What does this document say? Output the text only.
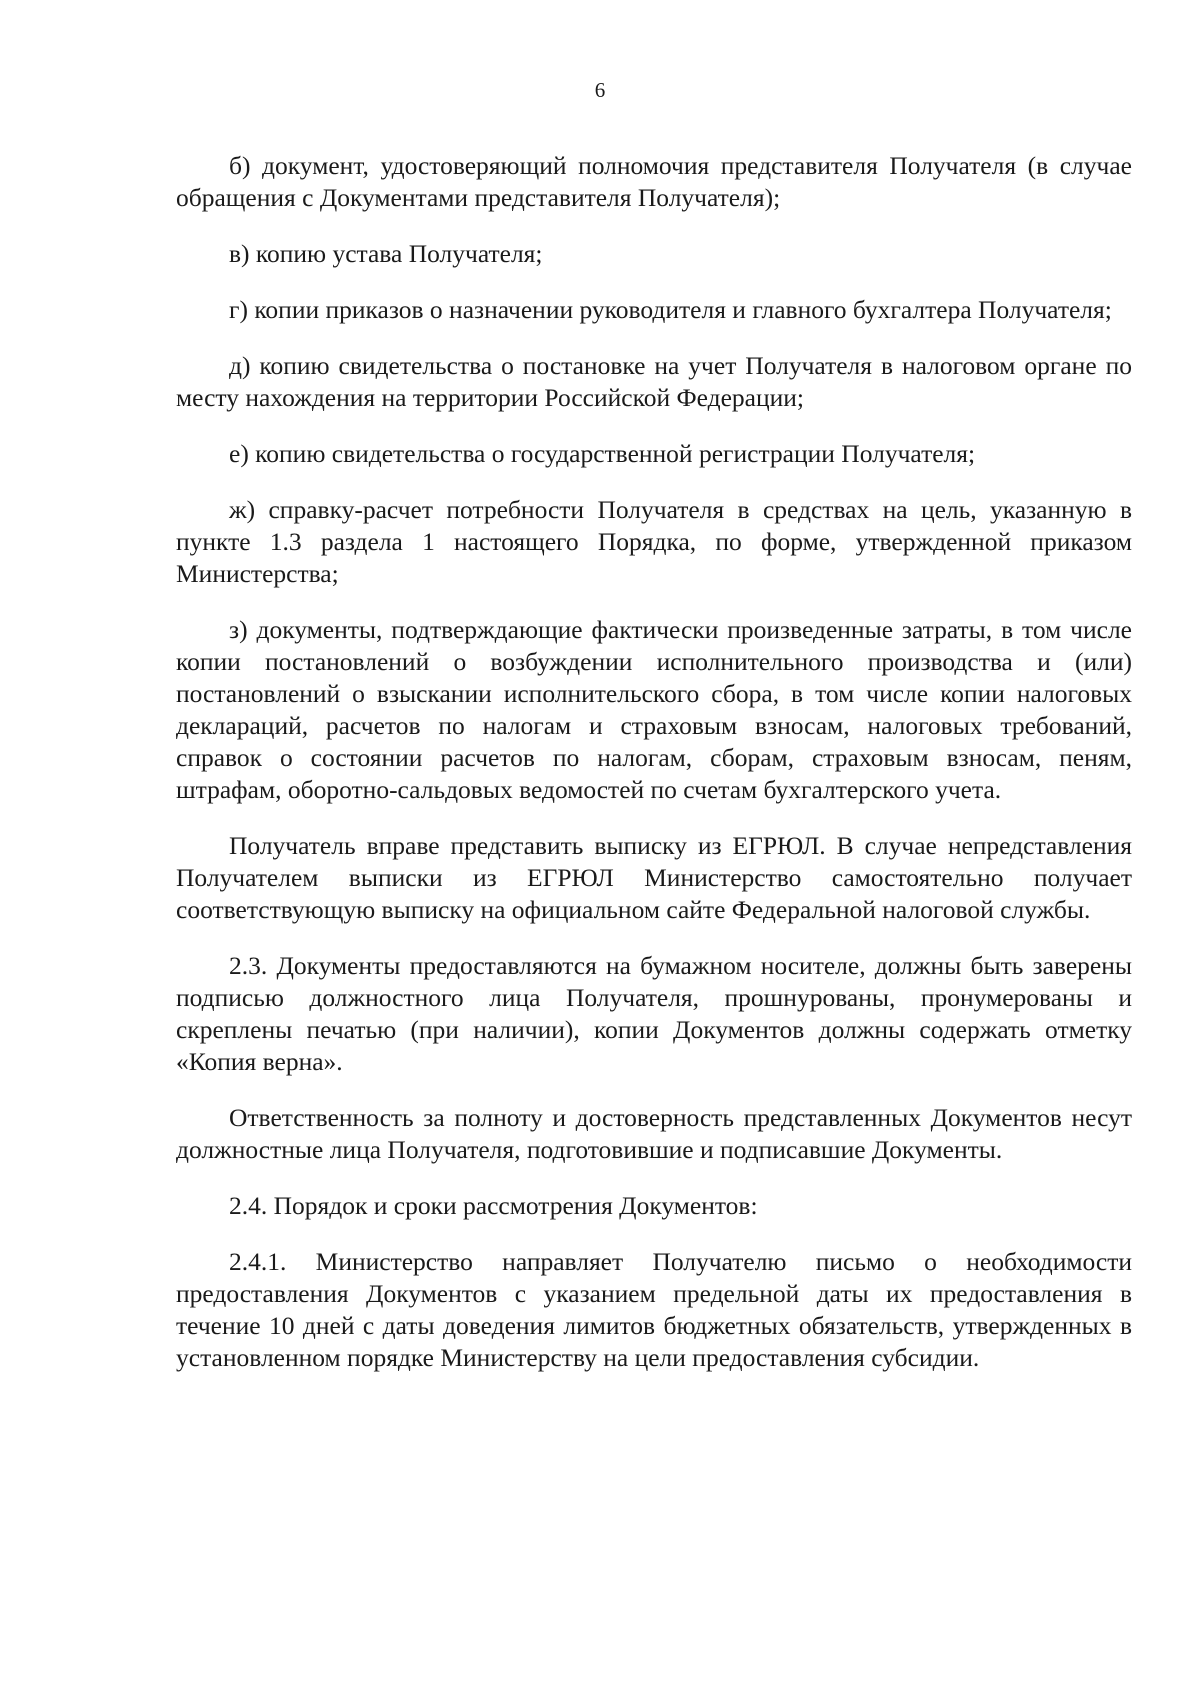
6

б) документ, удостоверяющий полномочия представителя Получателя (в случае обращения с Документами представителя Получателя);

в) копию устава Получателя;

г) копии приказов о назначении руководителя и главного бухгалтера Получателя;

д) копию свидетельства о постановке на учет Получателя в налоговом органе по месту нахождения на территории Российской Федерации;

е) копию свидетельства о государственной регистрации Получателя;

ж) справку-расчет потребности Получателя в средствах на цель, указанную в пункте 1.3 раздела 1 настоящего Порядка, по форме, утвержденной приказом Министерства;

з) документы, подтверждающие фактически произведенные затраты, в том числе копии постановлений о возбуждении исполнительного производства и (или) постановлений о взыскании исполнительского сбора, в том числе копии налоговых деклараций, расчетов по налогам и страховым взносам, налоговых требований, справок о состоянии расчетов по налогам, сборам, страховым взносам, пеням, штрафам, оборотно-сальдовых ведомостей по счетам бухгалтерского учета.

Получатель вправе представить выписку из ЕГРЮЛ. В случае непредставления Получателем выписки из ЕГРЮЛ Министерство самостоятельно получает соответствующую выписку на официальном сайте Федеральной налоговой службы.

2.3. Документы предоставляются на бумажном носителе, должны быть заверены подписью должностного лица Получателя, прошнурованы, пронумерованы и скреплены печатью (при наличии), копии Документов должны содержать отметку «Копия верна».

Ответственность за полноту и достоверность представленных Документов несут должностные лица Получателя, подготовившие и подписавшие Документы.

2.4. Порядок и сроки рассмотрения Документов:

2.4.1. Министерство направляет Получателю письмо о необходимости предоставления Документов с указанием предельной даты их предоставления в течение 10 дней с даты доведения лимитов бюджетных обязательств, утвержденных в установленном порядке Министерству на цели предоставления субсидии.
